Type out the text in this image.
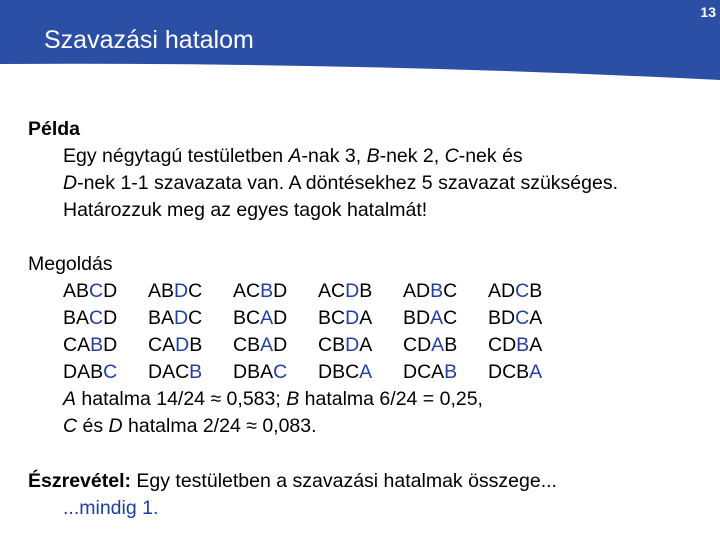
Szavazási hatalom
13
Példa
Egy négytagú testületben A-nak 3, B-nek 2, C-nek és
D-nek 1-1 szavazata van. A döntésekhez 5 szavazat szükséges.
Határozzuk meg az egyes tagok hatalmát!
Megoldás
ABCD	ABDC	ACBD	ACDB	ADBC	ADCB
BACD	BADC	BCAD	BCDA	BDAC	BDCA
CABD	CADB	CBAD	CBDA	CDAB	CDBA
DABC	DACB	DBAC	DBCA	DCAB	DCBA
A hatalma 14/24 ≈ 0,583; B hatalma 6/24 = 0,25,
C és D hatalma 2/24 ≈ 0,083.
Észrevétel: Egy testületben a szavazási hatalmak összege...
...mindig 1.
